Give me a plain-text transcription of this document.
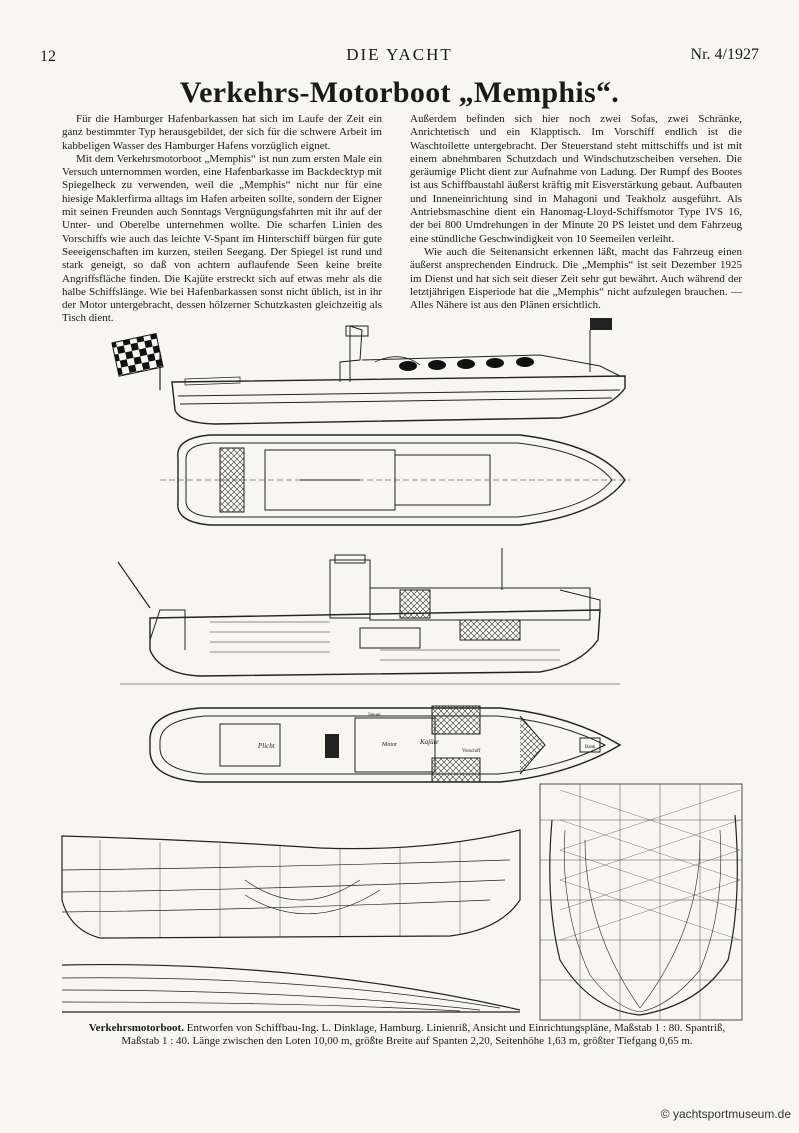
12	DIE YACHT	Nr. 4/1927
Verkehrs-Motorboot „Memphis“.

Für die Hamburger Hafenbarkassen hat sich im Laufe der Zeit ein ganz bestimmter Typ herausgebildet, der sich für die schwere Arbeit im kabbeligen Wasser des Hamburger Hafens vorzüglich eignet.

Mit dem Verkehrsmotorboot „Memphis“ ist nun zum ersten Male ein Versuch unternommen worden, eine Hafenbarkasse im Backdecktyp mit Spiegelheck zu verwenden, weil die „Memphis“ nicht nur für eine hiesige Maklerfirma alltags im Hafen arbeiten sollte, sondern der Eigner mit seinen Freunden auch Sonntags Vergnügungsfahrten mit ihr auf der Unter- und Oberelbe unternehmen wollte. Die scharfen Linien des Vorschiffs wie auch das leichte V-Spant im Hinterschiff bürgen für gute Seeeigenschaften im kurzen, steilen Seegang. Der Spiegel ist rund und stark geneigt, so daß von achtern auflaufende Seen keine breite Angriffsfläche finden. Die Kajüte erstreckt sich auf etwas mehr als die halbe Schiffslänge. Wie bei Hafenbarkassen sonst nicht üblich, ist in ihr der Motor untergebracht, dessen hölzerner Schutzkasten gleichzeitig als Tisch dient.

Außerdem befinden sich hier noch zwei Sofas, zwei Schränke, Anrichtetisch und ein Klapptisch. Im Vorschiff endlich ist die Waschtoilette untergebracht. Der Steuerstand steht mittschiffs und ist mit einem abnehmbaren Schutzdach und Windschutzscheiben versehen. Die geräumige Plicht dient zur Aufnahme von Ladung. Der Rumpf des Bootes ist aus Schiffbaustahl äußerst kräftig mit Eisverstärkung gebaut. Aufbauten und Inneneinrichtung sind in Mahagoni und Teakholz ausgeführt. Als Antriebsmaschine dient ein Hanomag-Lloyd-Schiffsmotor Type IVS 16, der bei 800 Umdrehungen in der Minute 20 PS leistet und dem Fahrzeug eine stündliche Geschwindigkeit von 10 Seemeilen verleiht.

Wie auch die Seitenansicht erkennen läßt, macht das Fahrzeug einen äußerst ansprechenden Eindruck. Die „Memphis“ ist seit Dezember 1925 im Dienst und hat sich seit dieser Zeit sehr gut bewährt. Auch während der letztjährigen Eisperiode hat die „Memphis“ nicht aufzulegen brauchen. — Alles Nähere ist aus den Plänen ersichtlich.

Plicht	Motor	Kajüte
Vorschiff
Steuer
Bank
Verkehrsmotorboot. Entworfen von Schiffbau-Ing. L. Dinklage, Hamburg. Linienriß, Ansicht und Einrichtungspläne, Maßstab 1 : 80. Spantriß, Maßstab 1 : 40. Länge zwischen den Loten 10,00 m, größte Breite auf Spanten 2,20, Seitenhöhe 1,63 m, größter Tiefgang 0,65 m.
© yachtsportmuseum.de
